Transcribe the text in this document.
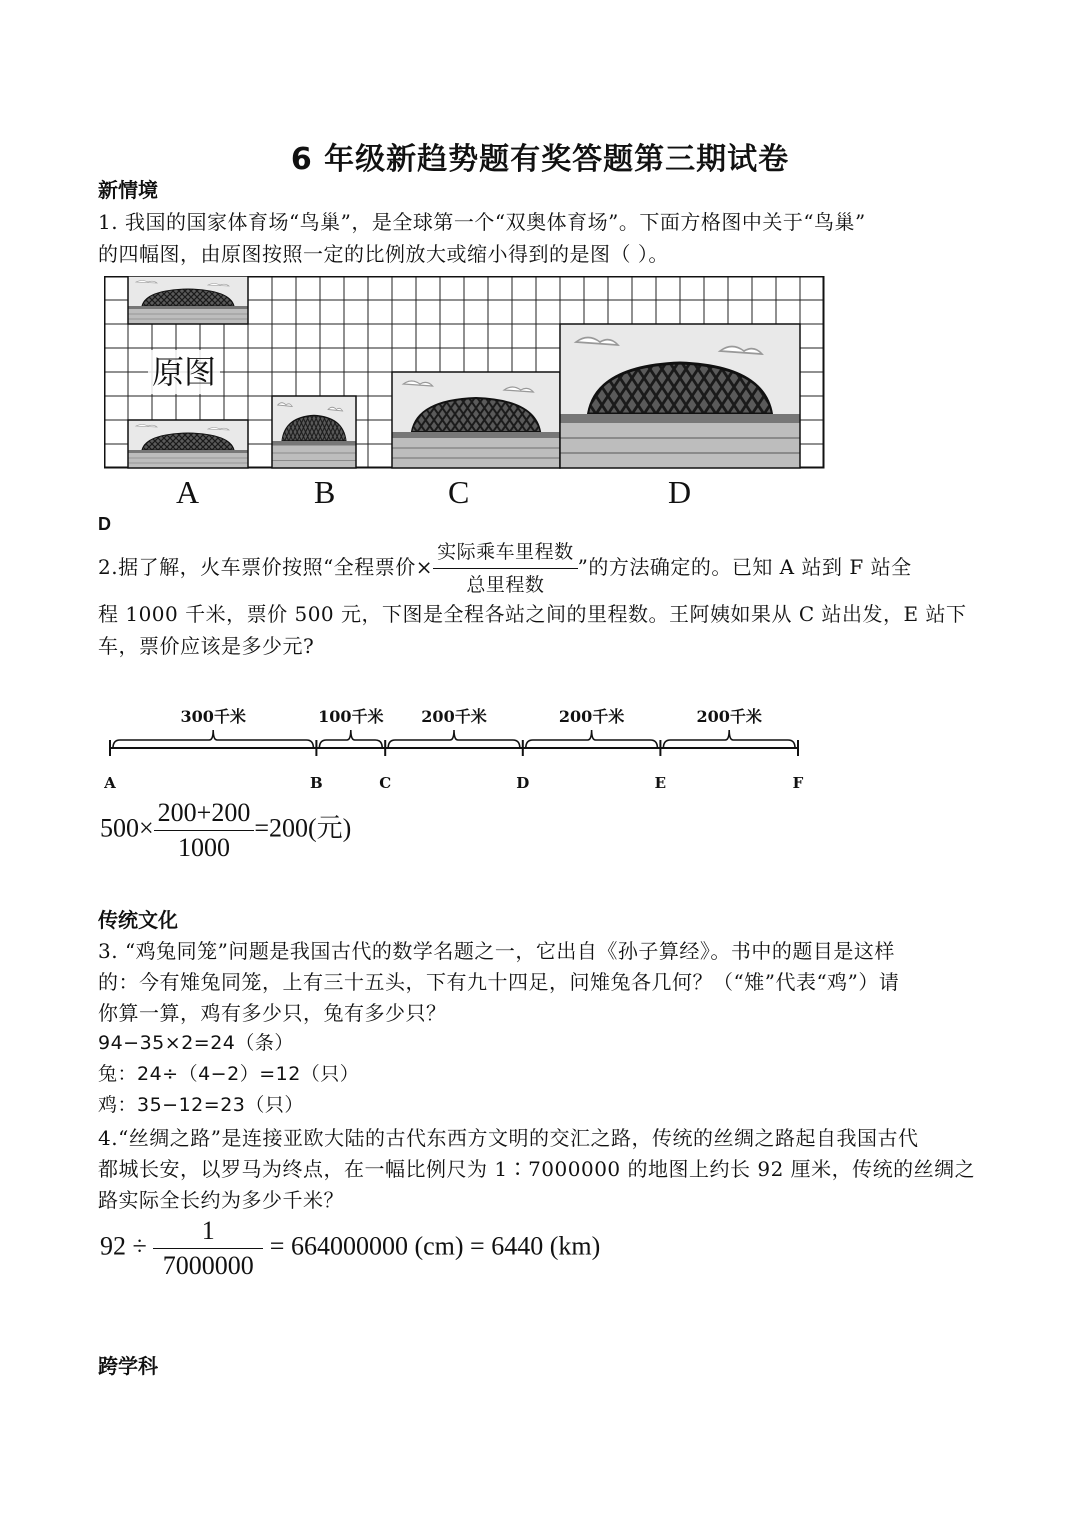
6 年级新趋势题有奖答题第三期试卷
新情境
1. 我国的国家体育场“鸟巢”，是全球第一个“双奥体育场”。下面方格图中关于“鸟巢”
的四幅图，由原图按照一定的比例放大或缩小得到的是图（ ）。
原图
A	B	C	D
D
2.据了解，火车票价按照“全程票价× $\frac{\text{实际乘车里程数}}{\text{总里程数}}$ ”的方法确定的。已知 A 站到 F 站全
程 1000 千米，票价 500 元，下图是全程各站之间的里程数。王阿姨如果从 C 站出发，E 站下
车，票价应该是多少元?
A	B	C	D	E	F
300千米	100千米 200千米	200千米	200千米
$500\times \frac{200+200}{1000} =200$(元)
传统文化
3. “鸡兔同笼”问题是我国古代的数学名题之一，它出自《孙子算经》。书中的题目是这样
的：今有雉兔同笼，上有三十五头，下有九十四足，问雉兔各几何？（“雉”代表“鸡”）请
你算一算，鸡有多少只，兔有多少只？
94−35×2=24（条）
兔：24÷（4−2）=12（只）
鸡：35−12=23（只）
4.“丝绸之路”是连接亚欧大陆的古代东西方文明的交汇之路，传统的丝绸之路起自我国古代
都城长安，以罗马为终点，在一幅比例尺为 1∶7000000 的地图上约长 92 厘米，传统的丝绸之
路实际全长约为多少千米？
$92 \div \frac{1}{7000000} = 664000000$ (cm) = 6440 (km)
跨学科
